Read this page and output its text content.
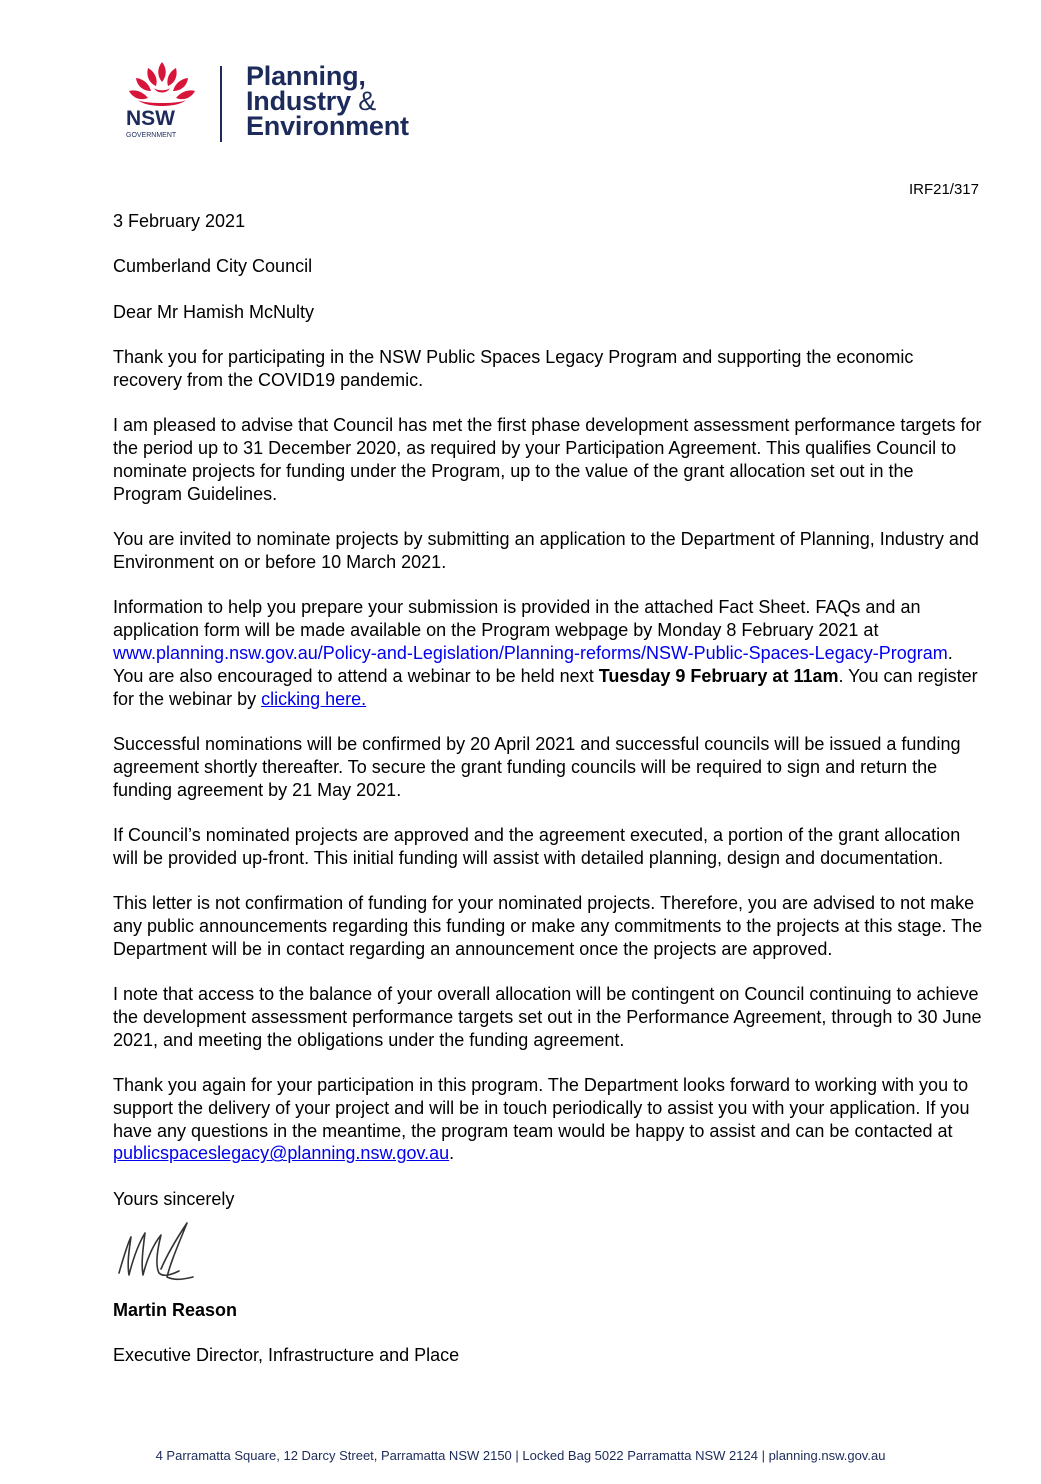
NSW
GOVERNMENT
Planning,
Industry &
Environment
IRF21/317

3 February 2021

Cumberland City Council

Dear Mr Hamish McNulty

Thank you for participating in the NSW Public Spaces Legacy Program and supporting the economic recovery from the COVID19 pandemic.

I am pleased to advise that Council has met the first phase development assessment performance targets for the period up to 31 December 2020, as required by your Participation Agreement. This qualifies Council to nominate projects for funding under the Program, up to the value of the grant allocation set out in the Program Guidelines.

You are invited to nominate projects by submitting an application to the Department of Planning, Industry and Environment on or before 10 March 2021.

Information to help you prepare your submission is provided in the attached Fact Sheet. FAQs and an application form will be made available on the Program webpage by Monday 8 February 2021 at www.planning.nsw.gov.au/Policy-and-Legislation/Planning-reforms/NSW-Public-Spaces-Legacy-Program. You are also encouraged to attend a webinar to be held next Tuesday 9 February at 11am. You can register for the webinar by clicking here.

Successful nominations will be confirmed by 20 April 2021 and successful councils will be issued a funding agreement shortly thereafter. To secure the grant funding councils will be required to sign and return the funding agreement by 21 May 2021.

If Council’s nominated projects are approved and the agreement executed, a portion of the grant allocation will be provided up-front. This initial funding will assist with detailed planning, design and documentation.

This letter is not confirmation of funding for your nominated projects. Therefore, you are advised to not make any public announcements regarding this funding or make any commitments to the projects at this stage. The Department will be in contact regarding an announcement once the projects are approved.

I note that access to the balance of your overall allocation will be contingent on Council continuing to achieve the development assessment performance targets set out in the Performance Agreement, through to 30 June 2021, and meeting the obligations under the funding agreement.

Thank you again for your participation in this program. The Department looks forward to working with you to support the delivery of your project and will be in touch periodically to assist you with your application. If you have any questions in the meantime, the program team would be happy to assist and can be contacted at publicspaceslegacy@planning.nsw.gov.au.

Yours sincerely

Martin Reason

Executive Director, Infrastructure and Place

4 Parramatta Square, 12 Darcy Street, Parramatta NSW 2150 | Locked Bag 5022 Parramatta NSW 2124 | planning.nsw.gov.au
